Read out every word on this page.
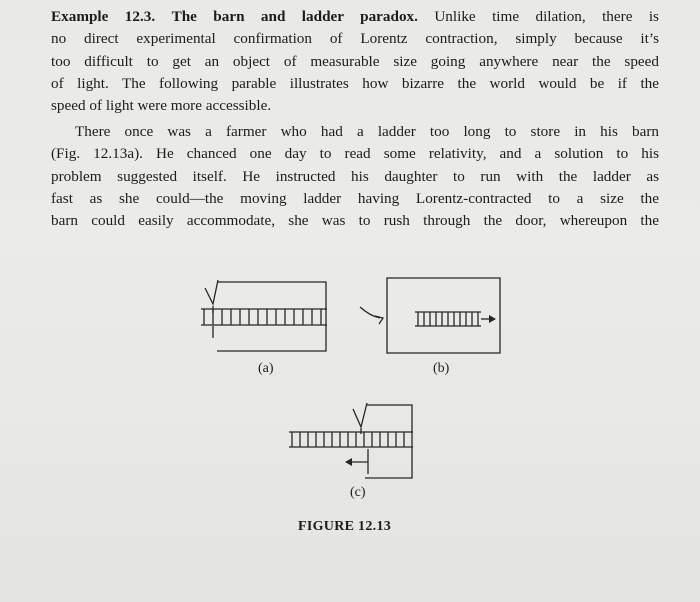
Example 12.3. The barn and ladder paradox. Unlike time dilation, there is
no direct experimental confirmation of Lorentz contraction, simply because it’s
too difficult to get an object of measurable size going anywhere near the speed
of light. The following parable illustrates how bizarre the world would be if the
speed of light were more accessible.
There once was a farmer who had a ladder too long to store in his barn
(Fig. 12.13a). He chanced one day to read some relativity, and a solution to his
problem suggested itself. He instructed his daughter to run with the ladder as
fast as she could—the moving ladder having Lorentz-contracted to a size the
barn could easily accommodate, she was to rush through the door, whereupon the
(a)	(b)
(c)
FIGURE 12.13
